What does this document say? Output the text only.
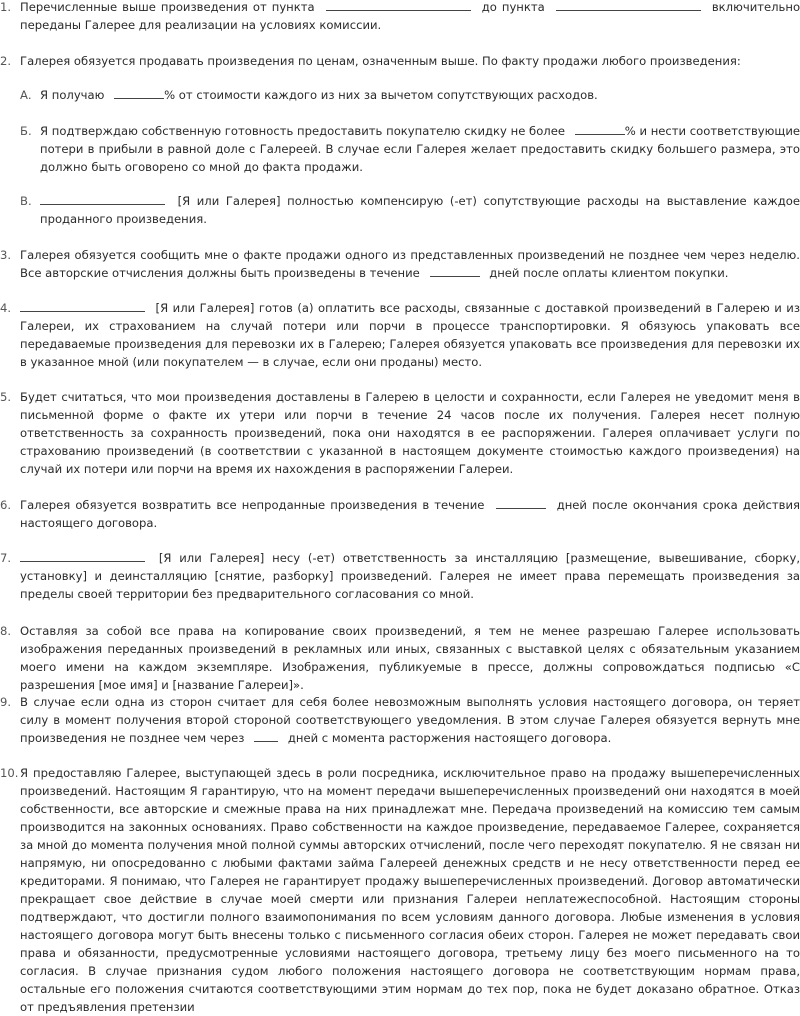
1. Перечисленные выше произведения от пункта	до пункта	включительно переданы Галерее для реализации на условиях комиссии.
2. Галерея обязуется продавать произведения по ценам, означенным выше. По факту продажи любого произведения:
А. Я получаю	% от стоимости каждого из них за вычетом сопутствующих расходов.
Б. Я подтверждаю собственную готовность предоставить покупателю скидку не более	% и нести соответствующие потери в прибыли в равной доле с Галереей. В случае если Галерея желает предоставить скидку большего размера, это должно быть оговорено со мной до факта продажи.
В.	[Я или Галерея] полностью компенсирую (-ет) сопутствующие расходы на выставление каждое проданного произведения.
3. Галерея обязуется сообщить мне о факте продажи одного из представленных произведений не позднее чем через неделю. Все авторские отчисления должны быть произведены в течение	дней после оплаты клиентом покупки.
4.	[Я или Галерея] готов (а) оплатить все расходы, связанные с доставкой произведений в Галерею и из Галереи, их страхованием на случай потери или порчи в процессе транспортировки. Я обязуюсь упаковать все передаваемые произведения для перевозки их в Галерею; Галерея обязуется упаковать все произведения для перевозки их в указанное мной (или покупателем — в случае, если они проданы) место.
5. Будет считаться, что мои произведения доставлены в Галерею в целости и сохранности, если Галерея не уведомит меня в письменной форме о факте их утери или порчи в течение 24 часов после их получения. Галерея несет полную ответственность за сохранность произведений, пока они находятся в ее распоряжении. Галерея оплачивает услуги по страхованию произведений (в соответствии с указанной в настоящем документе стоимостью каждого произведения) на случай их потери или порчи на время их нахождения в распоряжении Галереи.
6. Галерея обязуется возвратить все непроданные произведения в течение	дней после окончания срока действия настоящего договора.
7.	[Я или Галерея] несу (-ет) ответственность за инсталляцию [размещение, вывешивание, сборку, установку] и деинсталляцию [снятие, разборку] произведений. Галерея не имеет права перемещать произведения за пределы своей территории без предварительного согласования со мной.
8. Оставляя за собой все права на копирование своих произведений, я тем не менее разрешаю Галерее использовать изображения переданных произведений в рекламных или иных, связанных с выставкой целях с обязательным указанием моего имени на каждом экземпляре. Изображения, публикуемые в прессе, должны сопровождаться подписью «С разрешения [мое имя] и [название Галереи]».
9. В случае если одна из сторон считает для себя более невозможным выполнять условия настоящего договора, он теряет силу в момент получения второй стороной соответствующего уведомления. В этом случае Галерея обязуется вернуть мне произведения не позднее чем через	дней с момента расторжения настоящего договора.
10. Я предоставляю Галерее, выступающей здесь в роли посредника, исключительное право на продажу вышеперечисленных произведений. Настоящим Я гарантирую, что на момент передачи вышеперечисленных произведений они находятся в моей собственности, все авторские и смежные права на них принадлежат мне. Передача произведений на комиссию тем самым производится на законных основаниях. Право собственности на каждое произведение, передаваемое Галерее, сохраняется за мной до момента получения мной полной суммы авторских отчислений, после чего переходят покупателю. Я не связан ни напрямую, ни опосредованно с любыми фактами займа Галереей денежных средств и не несу ответственности перед ее кредиторами. Я понимаю, что Галерея не гарантирует продажу вышеперечисленных произведений. Договор автоматически прекращает свое действие в случае моей смерти или признания Галереи неплатежеспособной. Настоящим стороны подтверждают, что достигли полного взаимопонимания по всем условиям данного договора. Любые изменения в условия настоящего договора могут быть внесены только с письменного согласия обеих сторон. Галерея не может передавать свои права и обязанности, предусмотренные условиями настоящего договора, третьему лицу без моего письменного на то согласия. В случае признания судом любого положения настоящего договора не соответствующим нормам права, остальные его положения считаются соответствующими этим нормам до тех пор, пока не будет доказано обратное. Отказ от предъявления претензии
